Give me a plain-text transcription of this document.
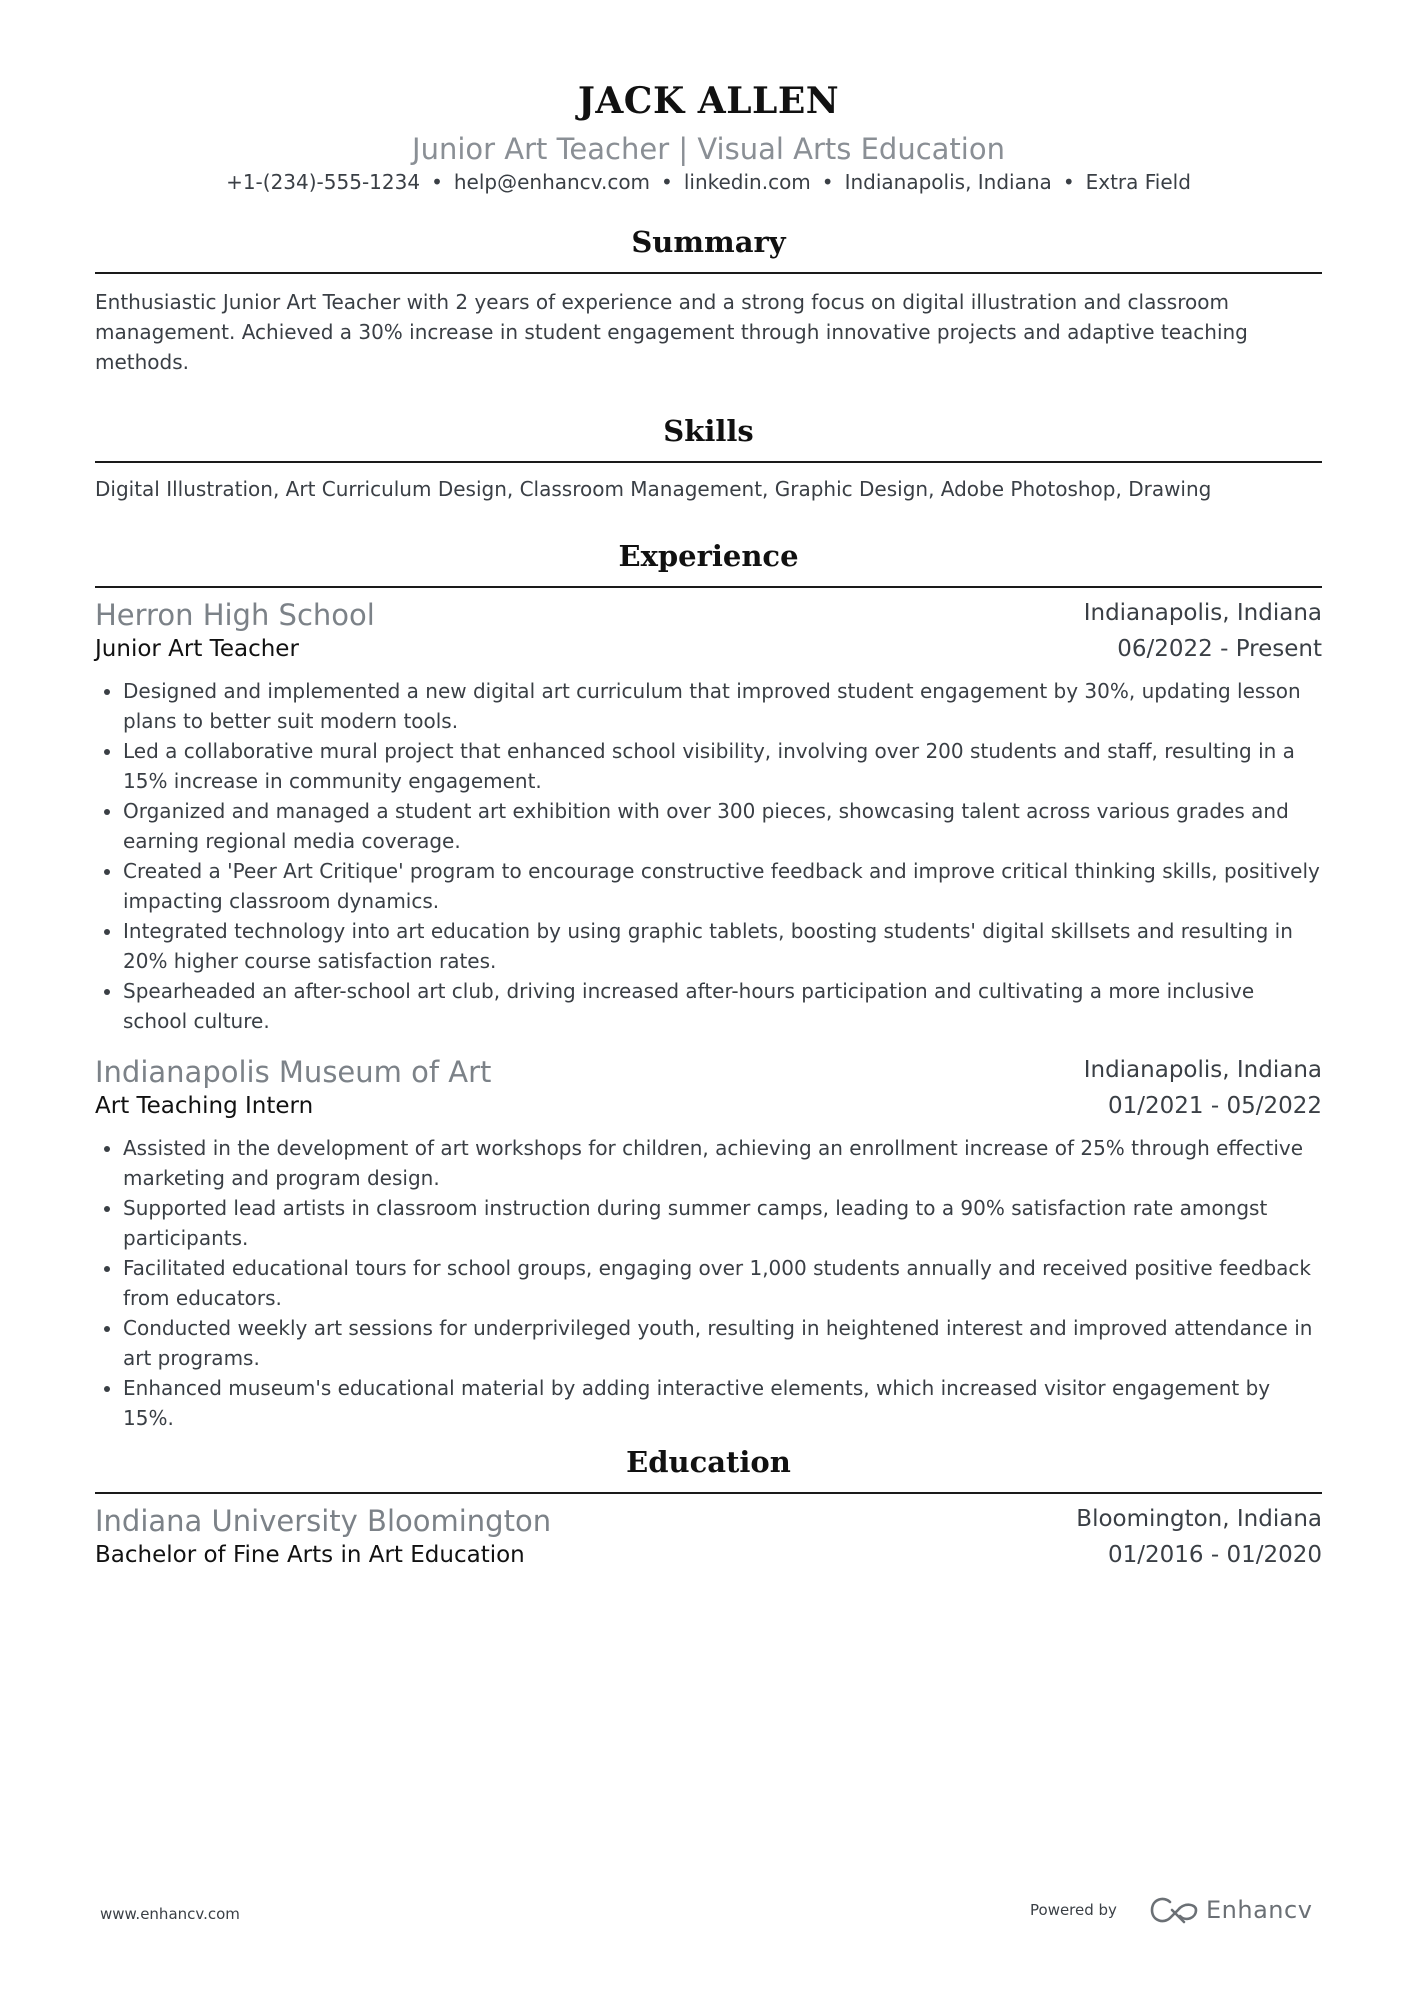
JACK ALLEN
Junior Art Teacher | Visual Arts Education
+1-(234)-555-1234 • help@enhancv.com • linkedin.com • Indianapolis, Indiana • Extra Field
Summary
Enthusiastic Junior Art Teacher with 2 years of experience and a strong focus on digital illustration and classroom management. Achieved a 30% increase in student engagement through innovative projects and adaptive teaching methods.
Skills
Digital Illustration, Art Curriculum Design, Classroom Management, Graphic Design, Adobe Photoshop, Drawing
Experience
Herron High School	Indianapolis, Indiana
Junior Art Teacher	06/2022 - Present
Designed and implemented a new digital art curriculum that improved student engagement by 30%, updating lesson plans to better suit modern tools.
Led a collaborative mural project that enhanced school visibility, involving over 200 students and staff, resulting in a 15% increase in community engagement.
Organized and managed a student art exhibition with over 300 pieces, showcasing talent across various grades and earning regional media coverage.
Created a 'Peer Art Critique' program to encourage constructive feedback and improve critical thinking skills, positively impacting classroom dynamics.
Integrated technology into art education by using graphic tablets, boosting students' digital skillsets and resulting in 20% higher course satisfaction rates.
Spearheaded an after-school art club, driving increased after-hours participation and cultivating a more inclusive school culture.
Indianapolis Museum of Art	Indianapolis, Indiana
Art Teaching Intern	01/2021 - 05/2022
Assisted in the development of art workshops for children, achieving an enrollment increase of 25% through effective marketing and program design.
Supported lead artists in classroom instruction during summer camps, leading to a 90% satisfaction rate amongst participants.
Facilitated educational tours for school groups, engaging over 1,000 students annually and received positive feedback from educators.
Conducted weekly art sessions for underprivileged youth, resulting in heightened interest and improved attendance in art programs.
Enhanced museum's educational material by adding interactive elements, which increased visitor engagement by 15%.
Education
Indiana University Bloomington	Bloomington, Indiana
Bachelor of Fine Arts in Art Education	01/2016 - 01/2020
www.enhancv.com	Powered by	Enhancv
